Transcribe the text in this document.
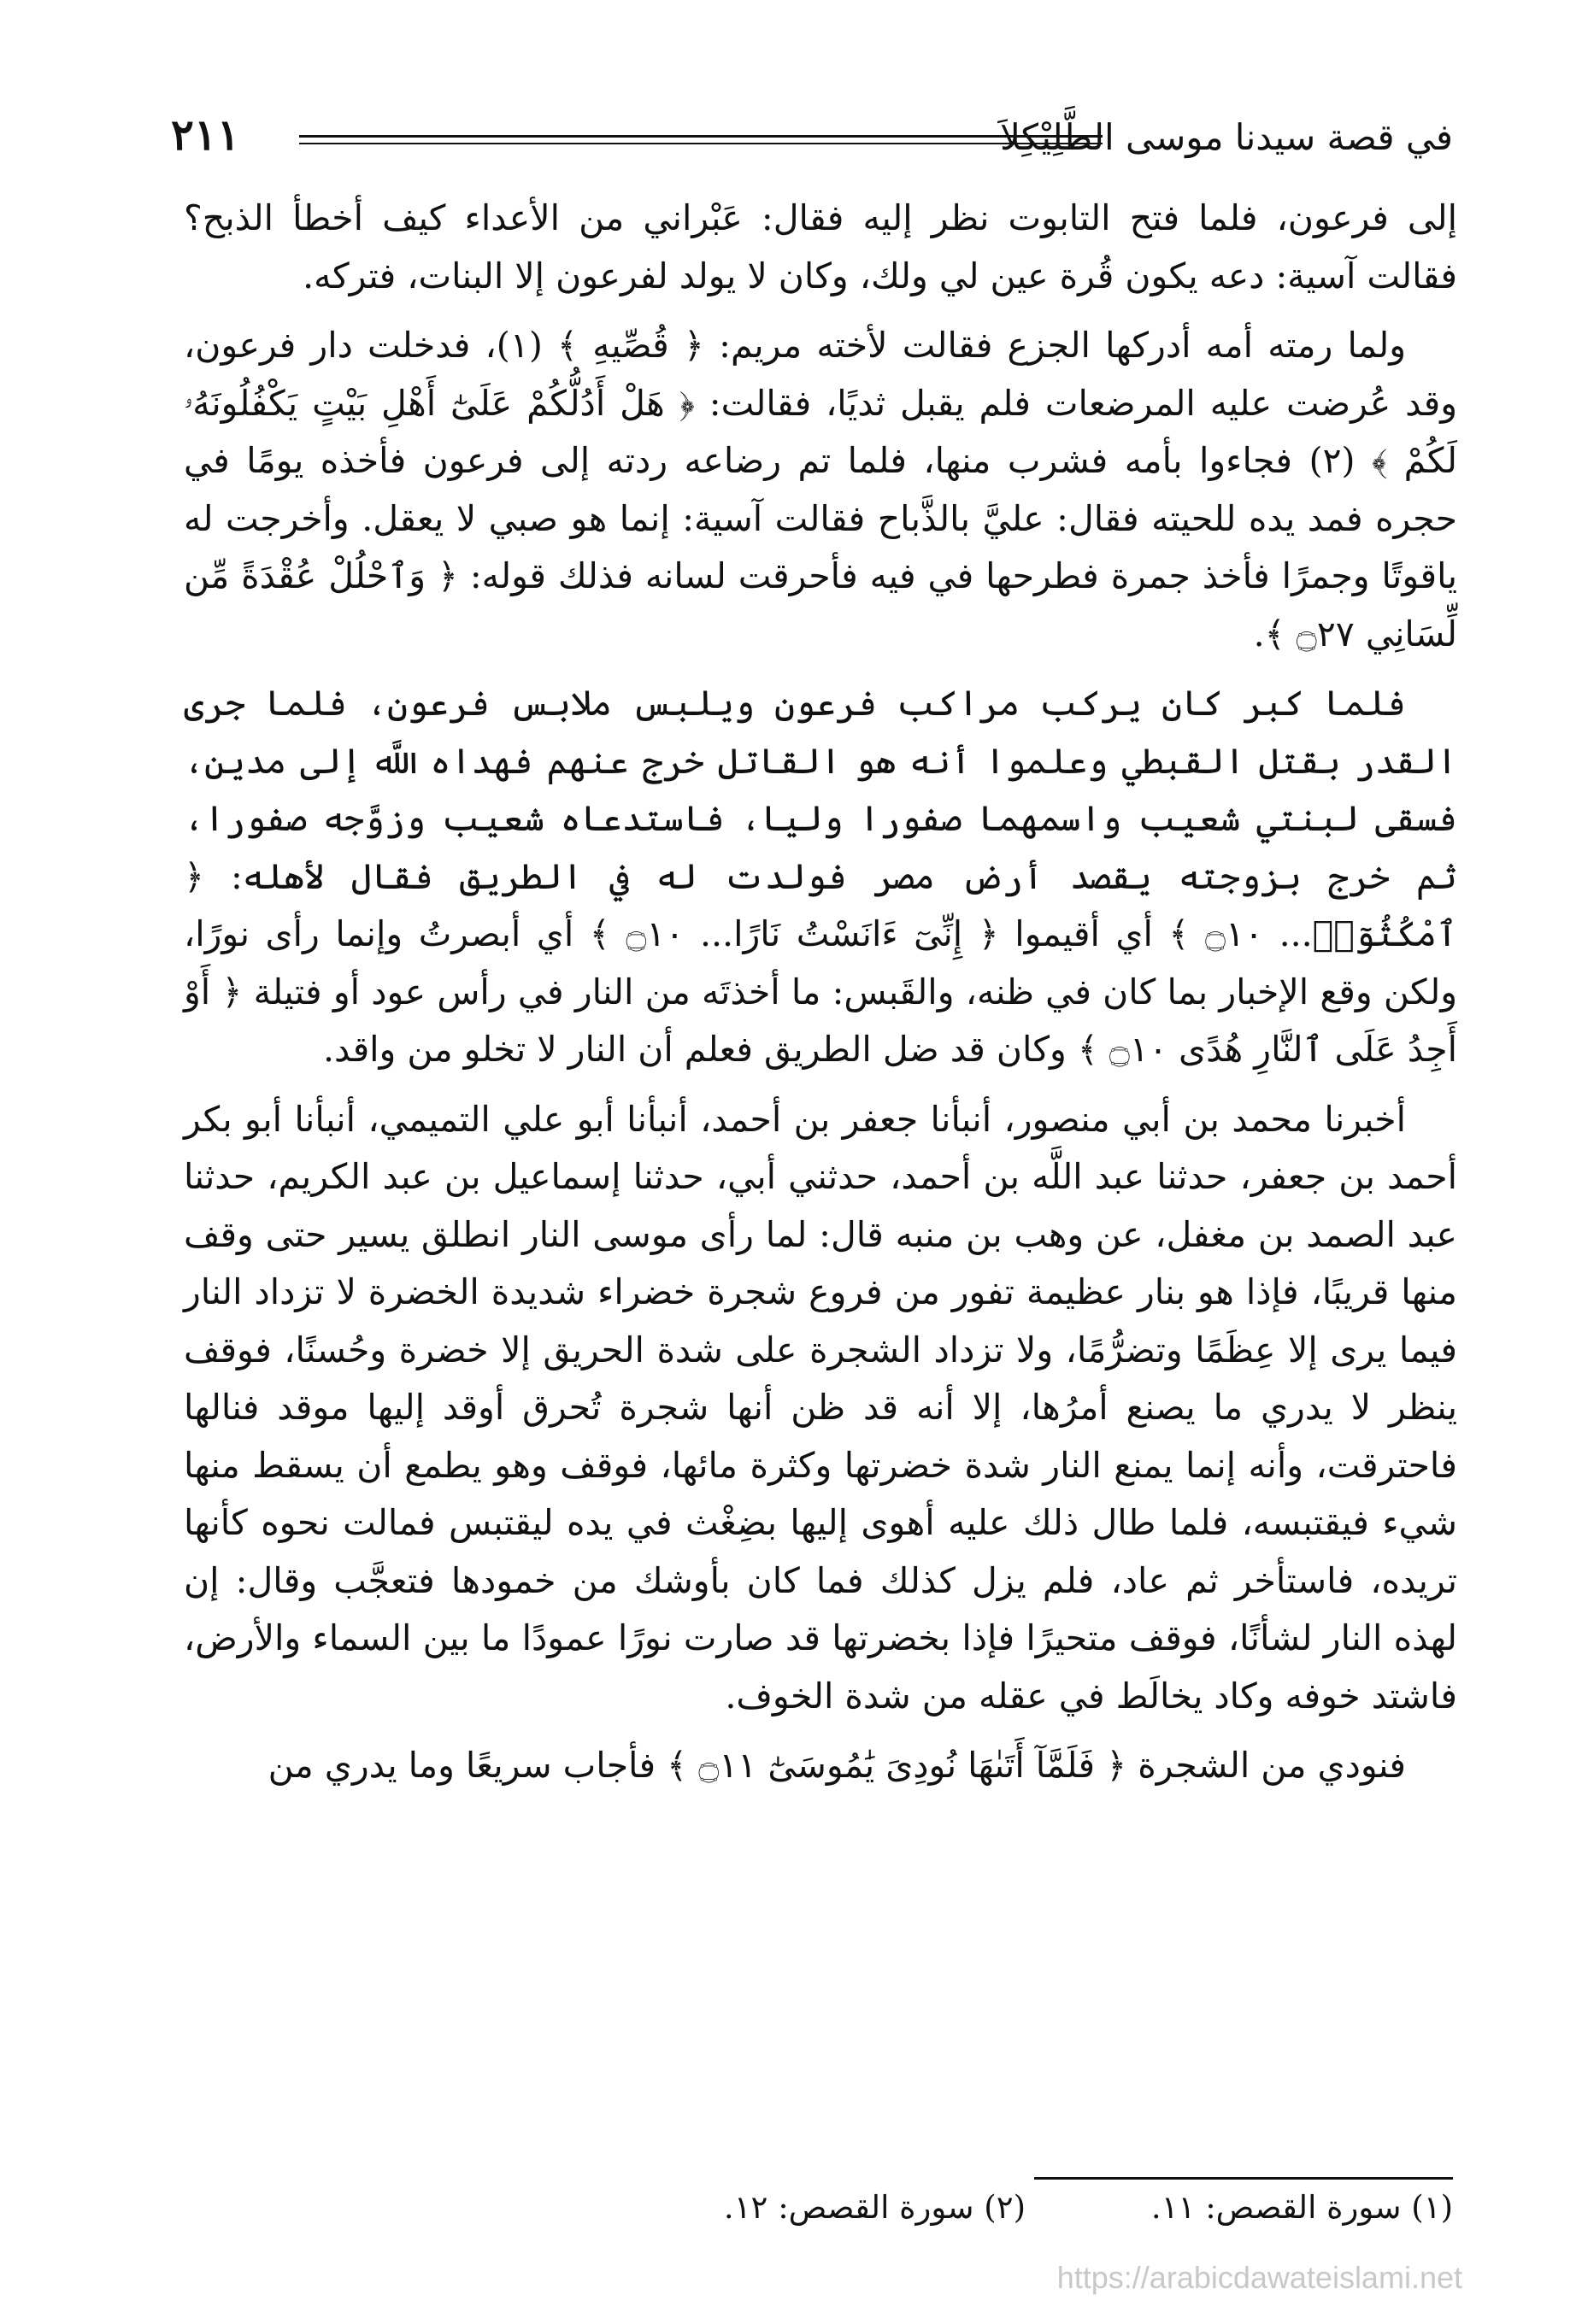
في قصة سيدنا موسى الطَّلِيْكِلاَ
٢١١

إلى فرعون، فلما فتح التابوت نظر إليه فقال: عَبْراني من الأعداء كيف أخطأ الذبح؟ فقالت آسية: دعه يكون قُرة عين لي ولك، وكان لا يولد لفرعون إلا البنات، فتركه.

ولما رمته أمه أدركها الجزع فقالت لأخته مريم: ﴿ قُصِّيهِ ﴾ (١)، فدخلت دار فرعون، وقد عُرضت عليه المرضعات فلم يقبل ثديًا، فقالت: ﴿ هَلْ أَدُلُّكُمْ عَلَىٰٓ أَهْلِ بَيْتٍ يَكْفُلُونَهُۥ لَكُمْ ﴾ (٢) فجاءوا بأمه فشرب منها، فلما تم رضاعه ردته إلى فرعون فأخذه يومًا في حجره فمد يده للحيته فقال: عليَّ بالذَّباح فقالت آسية: إنما هو صبي لا يعقل. وأخرجت له ياقوتًا وجمرًا فأخذ جمرة فطرحها في فيه فأحرقت لسانه فذلك قوله: ﴿ وَٱحْلُلْ عُقْدَةً مِّن لِّسَانِي ۝٢٧ ﴾.

فلما كبر كان يركب مراكب فرعون ويلبس ملابس فرعون، فلما جرى القدر بقتل القبطي وعلموا أنه هو القاتل خرج عنهم فهداه اللَّه إلى مدين، فسقى لبنتي شعيب واسمهما صفورا وليا، فاستدعاه شعيب وزوَّجه صفورا، ثم خرج بزوجته يقصد أرض مصر فولدت له في الطريق فقال لأهله: ﴿ ٱمْكُثُوٓا۟... ۝١٠ ﴾ أي أقيموا ﴿ إِنِّىٓ ءَانَسْتُ نَارًا... ۝١٠ ﴾ أي أبصرتُ وإنما رأى نورًا، ولكن وقع الإخبار بما كان في ظنه، والقَبس: ما أخذتَه من النار في رأس عود أو فتيلة ﴿ أَوْ أَجِدُ عَلَى ٱلنَّارِ هُدًى ۝١٠ ﴾ وكان قد ضل الطريق فعلم أن النار لا تخلو من واقد.

أخبرنا محمد بن أبي منصور، أنبأنا جعفر بن أحمد، أنبأنا أبو علي التميمي، أنبأنا أبو بكر أحمد بن جعفر، حدثنا عبد اللَّه بن أحمد، حدثني أبي، حدثنا إسماعيل بن عبد الكريم، حدثنا عبد الصمد بن مغفل، عن وهب بن منبه قال: لما رأى موسى النار انطلق يسير حتى وقف منها قريبًا، فإذا هو بنار عظيمة تفور من فروع شجرة خضراء شديدة الخضرة لا تزداد النار فيما يرى إلا عِظَمًا وتضرُّمًا، ولا تزداد الشجرة على شدة الحريق إلا خضرة وحُسنًا، فوقف ينظر لا يدري ما يصنع أمرُها، إلا أنه قد ظن أنها شجرة تُحرق أوقد إليها موقد فنالها فاحترقت، وأنه إنما يمنع النار شدة خضرتها وكثرة مائها، فوقف وهو يطمع أن يسقط منها شيء فيقتبسه، فلما طال ذلك عليه أهوى إليها بضِغْث في يده ليقتبس فمالت نحوه كأنها تريده، فاستأخر ثم عاد، فلم يزل كذلك فما كان بأوشك من خمودها فتعجَّب وقال: إن لهذه النار لشأنًا، فوقف متحيرًا فإذا بخضرتها قد صارت نورًا عمودًا ما بين السماء والأرض، فاشتد خوفه وكاد يخالَط في عقله من شدة الخوف.

فنودي من الشجرة ﴿ فَلَمَّآ أَتَىٰهَا نُودِىَ يَٰمُوسَىٰٓ ۝١١ ﴾ فأجاب سريعًا وما يدري من

(١) سورة القصص: ١١.
(٢) سورة القصص: ١٢.
https://arabicdawateislami.net
